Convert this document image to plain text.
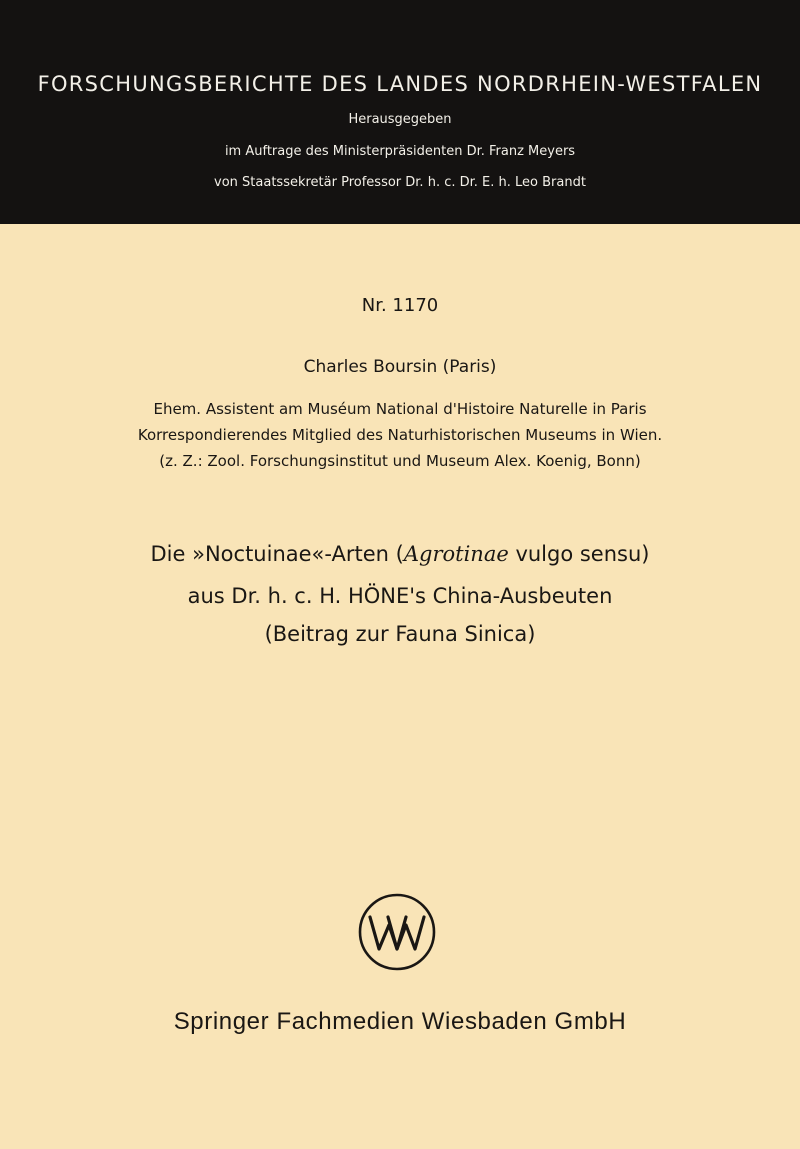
FORSCHUNGSBERICHTE DES LANDES NORDRHEIN-WESTFALEN
Herausgegeben
im Auftrage des Ministerpräsidenten Dr. Franz Meyers
von Staatssekretär Professor Dr. h. c. Dr. E. h. Leo Brandt
Nr. 1170
Charles Boursin (Paris)
Ehem. Assistent am Muséum National d'Histoire Naturelle in Paris
Korrespondierendes Mitglied des Naturhistorischen Museums in Wien.
(z. Z.: Zool. Forschungsinstitut und Museum Alex. Koenig, Bonn)
Die »Noctuinae«-Arten (Agrotinae vulgo sensu)
aus Dr. h. c. H. HÖNE's China-Ausbeuten
(Beitrag zur Fauna Sinica)
Springer Fachmedien Wiesbaden GmbH
